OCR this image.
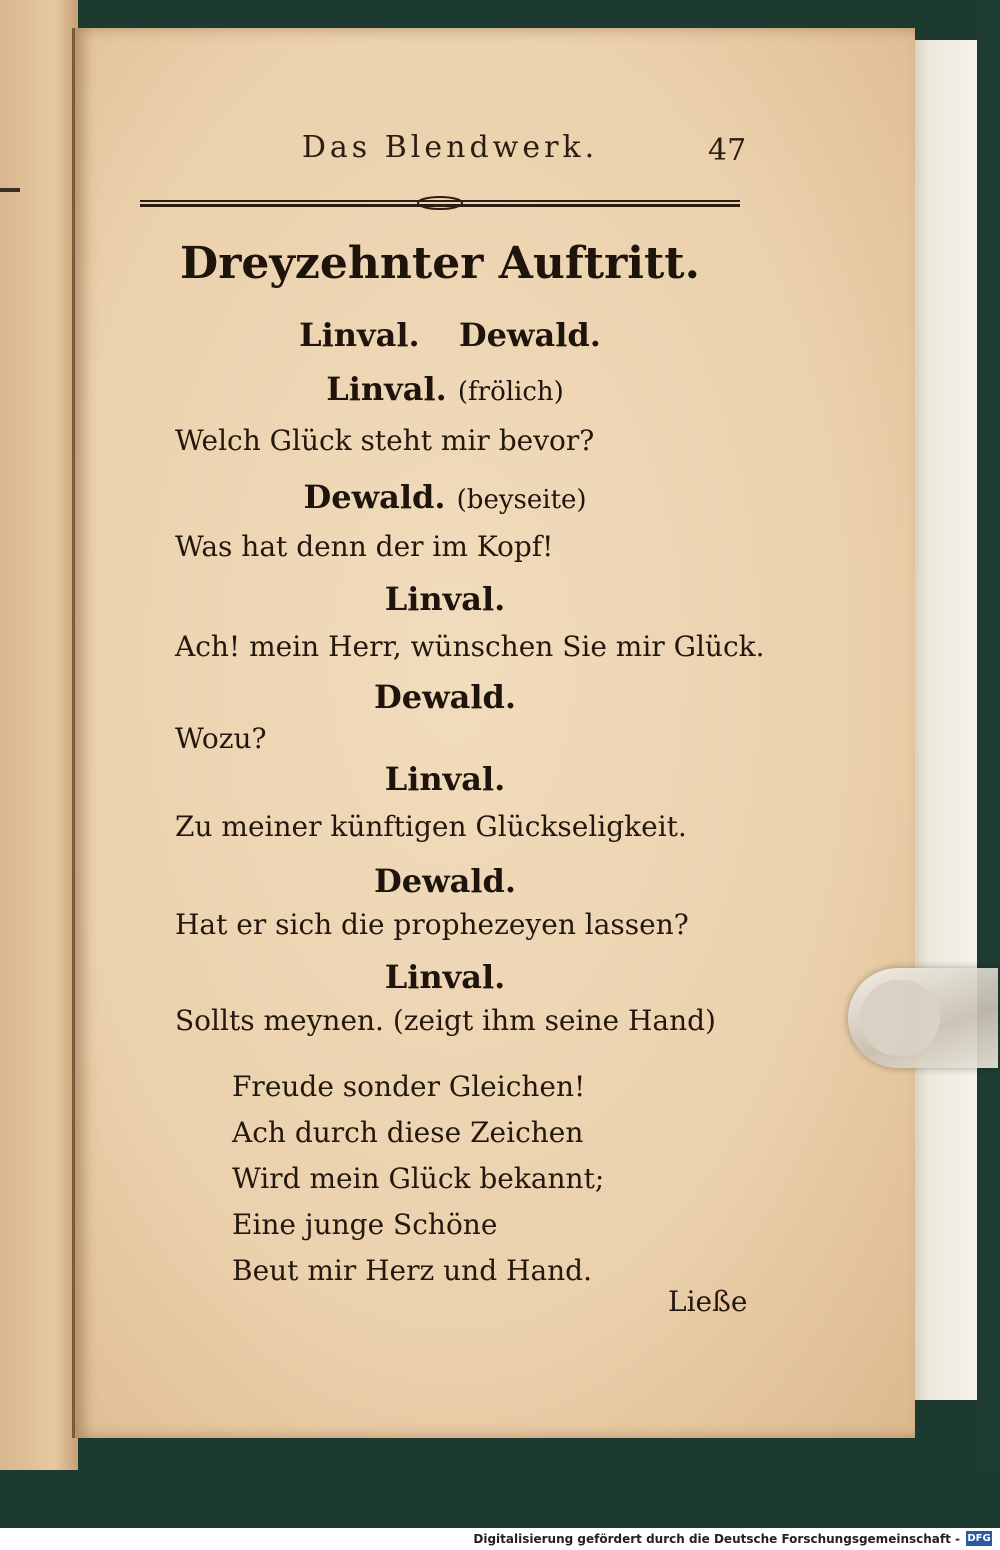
Das Blendwerk.	47
Dreyzehnter Auftritt.
Linval. Dewald.
Linval. (frölich)
Welch Glück steht mir bevor?
Dewald. (beyseite)
Was hat denn der im Kopf!
Linval.
Ach! mein Herr, wünschen Sie mir Glück.
Dewald.
Wozu?
Linval.
Zu meiner künftigen Glückseligkeit.
Dewald.
Hat er sich die prophezeyen lassen?
Linval.
Sollts meynen. (zeigt ihm seine Hand)
Freude sonder Gleichen!
Ach durch diese Zeichen
Wird mein Glück bekannt;
Eine junge Schöne
Beut mir Herz und Hand.
Ließe
Digitalisierung gefördert durch die Deutsche Forschungsgemeinschaft - DFG
